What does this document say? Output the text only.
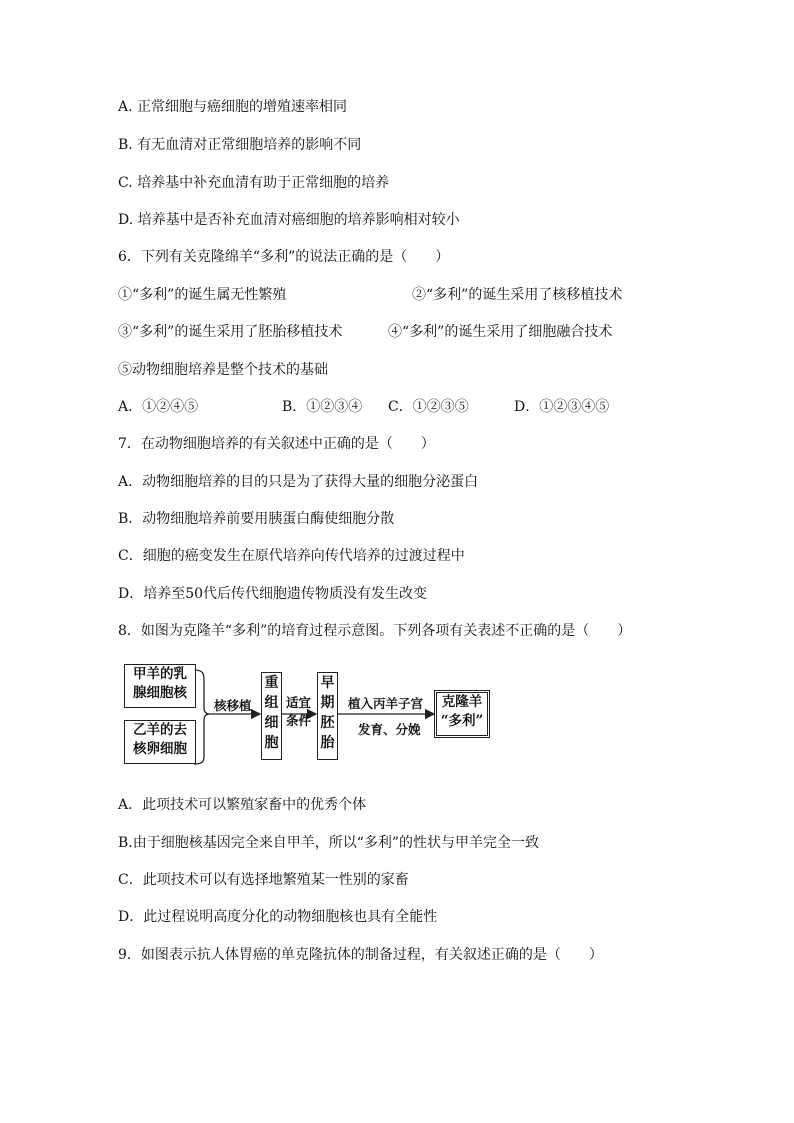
A. 正常细胞与癌细胞的增殖速率相同
B. 有无血清对正常细胞培养的影响不同
C. 培养基中补充血清有助于正常细胞的培养
D. 培养基中是否补充血清对癌细胞的培养影响相对较小
6．下列有关克隆绵羊“多利”的说法正确的是（　　）
①“多利”的诞生属无性繁殖	②“多利”的诞生采用了核移植技术
③“多利”的诞生采用了胚胎移植技术	④“多利”的诞生采用了细胞融合技术
⑤动物细胞培养是整个技术的基础
A．①②④⑤	B．①②③④ C．①②③⑤	D．①②③④⑤
7．在动物细胞培养的有关叙述中正确的是（　　）
A．动物细胞培养的目的只是为了获得大量的细胞分泌蛋白
B．动物细胞培养前要用胰蛋白酶使细胞分散
C．细胞的癌变发生在原代培养向传代培养的过渡过程中
D．培养至50代后传代细胞遗传物质没有发生改变
8．如图为克隆羊“多利”的培育过程示意图。下列各项有关表述不正确的是（　　）
甲羊的乳
腺细胞核
乙羊的去
核卵细胞
核移植
重
组
细
胞
适宜
条件
早
期
胚
胎
植入丙羊子宫
发育、分娩
克隆羊
“多利”
A．此项技术可以繁殖家畜中的优秀个体
B.由于细胞核基因完全来自甲羊，所以“多利”的性状与甲羊完全一致
C．此项技术可以有选择地繁殖某一性别的家畜
D．此过程说明高度分化的动物细胞核也具有全能性
9．如图表示抗人体胃癌的单克隆抗体的制备过程，有关叙述正确的是（　　）
